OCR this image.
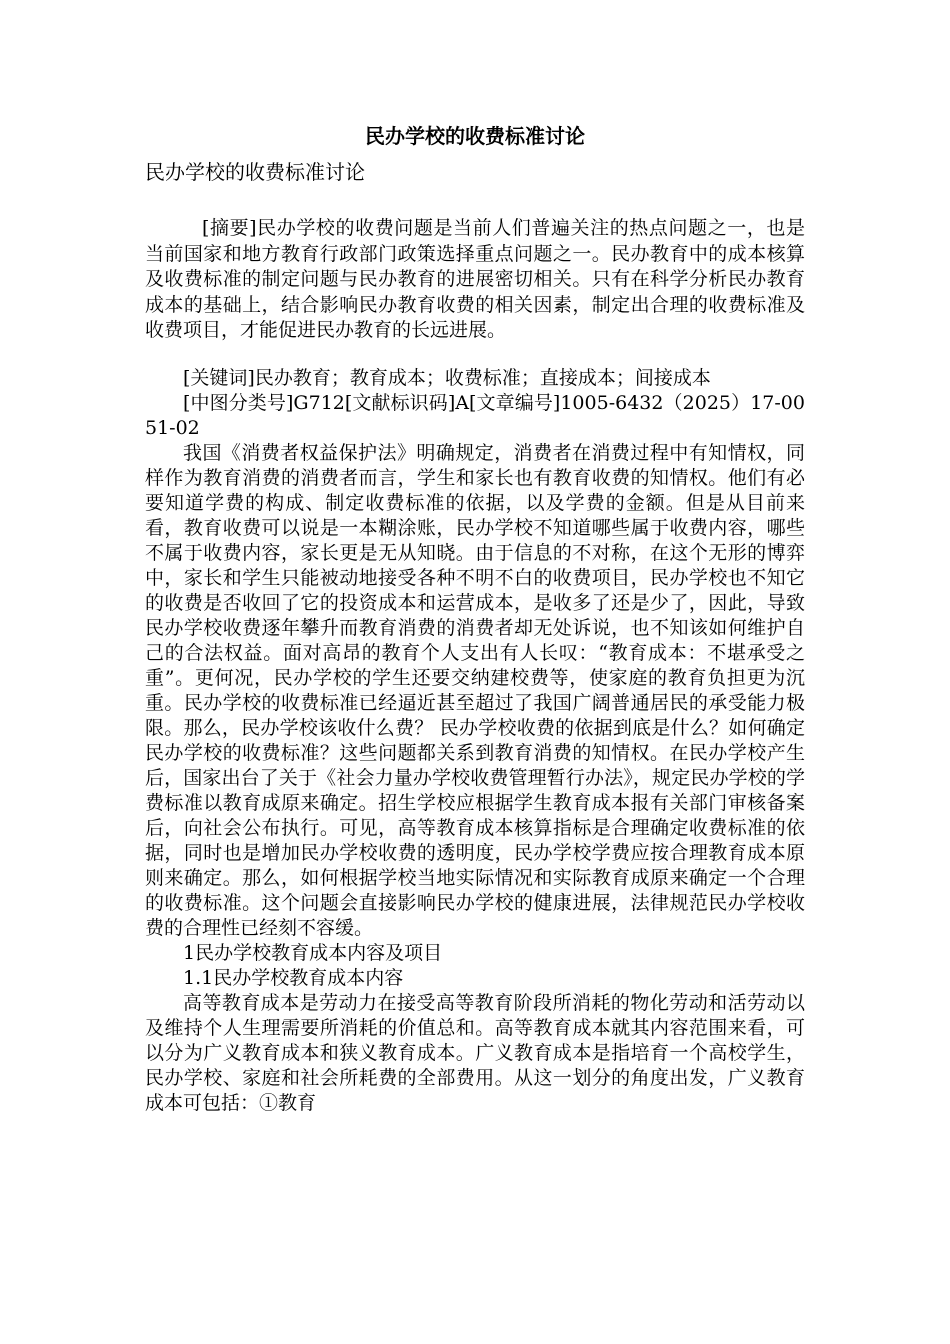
民办学校的收费标准讨论
民办学校的收费标准讨论

[摘要]民办学校的收费问题是当前人们普遍关注的热点问题之一，也是当前国家和地方教育行政部门政策选择重点问题之一。民办教育中的成本核算及收费标准的制定问题与民办教育的进展密切相关。只有在科学分析民办教育成本的基础上，结合影响民办教育收费的相关因素，制定出合理的收费标准及收费项目，才能促进民办教育的长远进展。

[关键词]民办教育；教育成本；收费标准；直接成本；间接成本

[中图分类号]G712[文献标识码]A[文章编号]1005-6432（2025）17-0051-02

我国《消费者权益保护法》明确规定，消费者在消费过程中有知情权，同样作为教育消费的消费者而言，学生和家长也有教育收费的知情权。他们有必要知道学费的构成、制定收费标准的依据，以及学费的金额。但是从目前来看，教育收费可以说是一本糊涂账，民办学校不知道哪些属于收费内容，哪些不属于收费内容，家长更是无从知晓。由于信息的不对称，在这个无形的博弈中，家长和学生只能被动地接受各种不明不白的收费项目，民办学校也不知它的收费是否收回了它的投资成本和运营成本，是收多了还是少了，因此，导致民办学校收费逐年攀升而教育消费的消费者却无处诉说，也不知该如何维护自己的合法权益。面对高昂的教育个人支出有人长叹：“教育成本：不堪承受之重”。更何况，民办学校的学生还要交纳建校费等，使家庭的教育负担更为沉重。民办学校的收费标准已经逼近甚至超过了我国广阔普通居民的承受能力极限。那么，民办学校该收什么费？ 民办学校收费的依据到底是什么？如何确定民办学校的收费标准？这些问题都关系到教育消费的知情权。在民办学校产生后，国家出台了关于《社会力量办学校收费管理暂行办法》，规定民办学校的学费标准以教育成原来确定。招生学校应根据学生教育成本报有关部门审核备案后，向社会公布执行。可见，高等教育成本核算指标是合理确定收费标准的依据，同时也是增加民办学校收费的透明度，民办学校学费应按合理教育成本原则来确定。那么，如何根据学校当地实际情况和实际教育成原来确定一个合理的收费标准。这个问题会直接影响民办学校的健康进展，法律规范民办学校收费的合理性已经刻不容缓。

1民办学校教育成本内容及项目

1.1民办学校教育成本内容

高等教育成本是劳动力在接受高等教育阶段所消耗的物化劳动和活劳动以及维持个人生理需要所消耗的价值总和。高等教育成本就其内容范围来看，可以分为广义教育成本和狭义教育成本。广义教育成本是指培育一个高校学生，民办学校、家庭和社会所耗费的全部费用。从这一划分的角度出发，广义教育成本可包括：①教育
